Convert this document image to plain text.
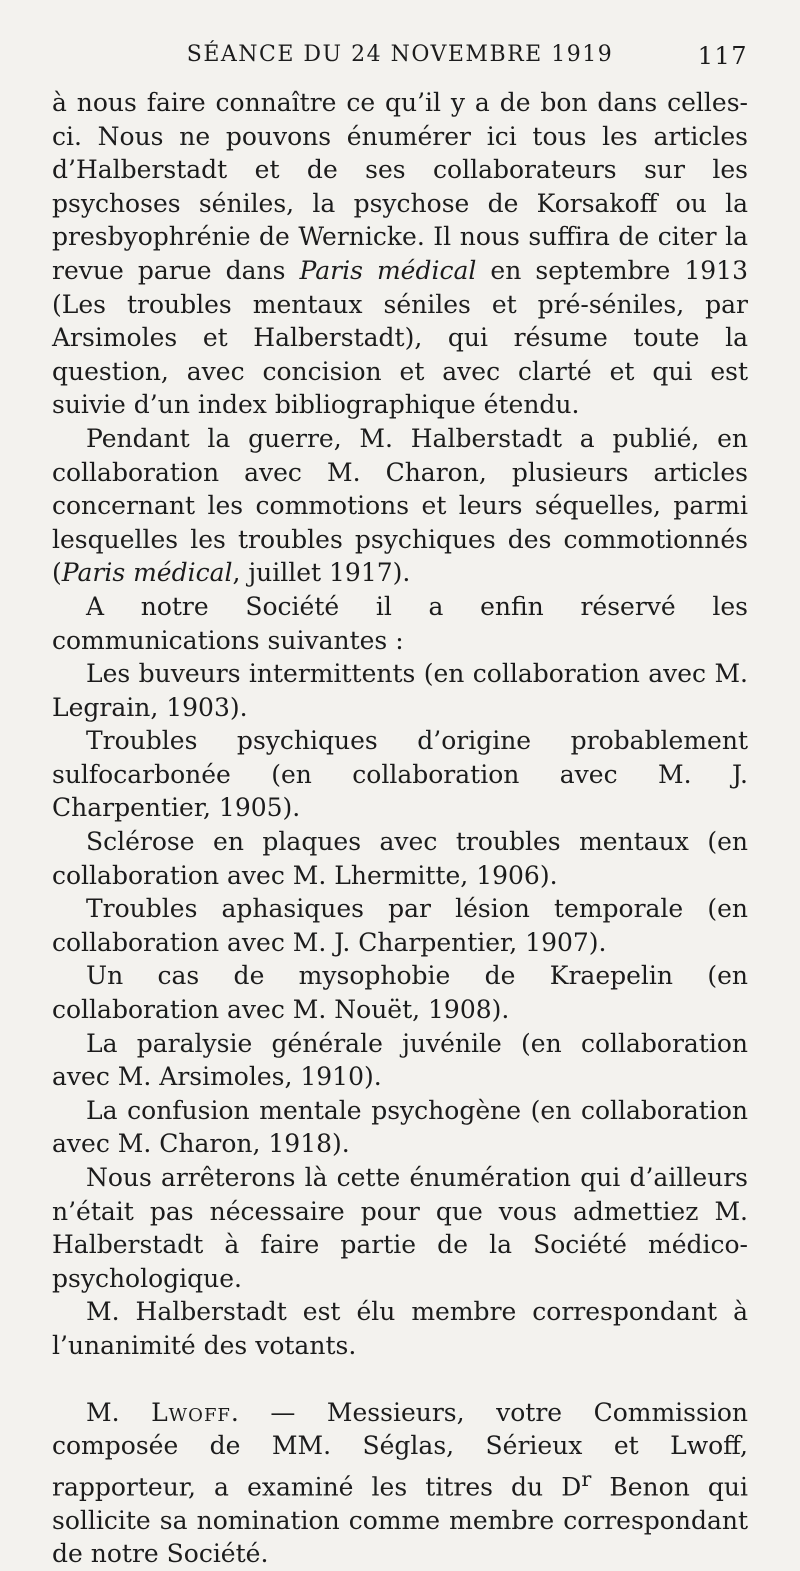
SÉANCE DU 24 NOVEMBRE 1919	117

à nous faire connaître ce qu’il y a de bon dans celles-ci. Nous ne pouvons énumérer ici tous les articles d’Halberstadt et de ses collaborateurs sur les psychoses séniles, la psychose de Korsakoff ou la presbyophrénie de Wernicke. Il nous suffira de citer la revue parue dans Paris médical en septembre 1913 (Les troubles mentaux séniles et pré-séniles, par Arsimoles et Halberstadt), qui résume toute la question, avec concision et avec clarté et qui est suivie d’un index bibliographique étendu.

Pendant la guerre, M. Halberstadt a publié, en collaboration avec M. Charon, plusieurs articles concernant les commotions et leurs séquelles, parmi lesquelles les troubles psychiques des commotionnés (Paris médical, juillet 1917).

A notre Société il a enfin réservé les communications suivantes :

Les buveurs intermittents (en collaboration avec M. Legrain, 1903).

Troubles psychiques d’origine probablement sulfocarbonée (en collaboration avec M. J. Charpentier, 1905).

Sclérose en plaques avec troubles mentaux (en collaboration avec M. Lhermitte, 1906).

Troubles aphasiques par lésion temporale (en collaboration avec M. J. Charpentier, 1907).

Un cas de mysophobie de Kraepelin (en collaboration avec M. Nouët, 1908).

La paralysie générale juvénile (en collaboration avec M. Arsimoles, 1910).

La confusion mentale psychogène (en collaboration avec M. Charon, 1918).

Nous arrêterons là cette énumération qui d’ailleurs n’était pas nécessaire pour que vous admettiez M. Halberstadt à faire partie de la Société médico-psychologique.

M. Halberstadt est élu membre correspondant à l’unanimité des votants.

M. Lwoff. — Messieurs, votre Commission composée de MM. Séglas, Sérieux et Lwoff, rapporteur, a examiné les titres du $D^r$ Benon qui sollicite sa nomination comme membre correspondant de notre Société.
